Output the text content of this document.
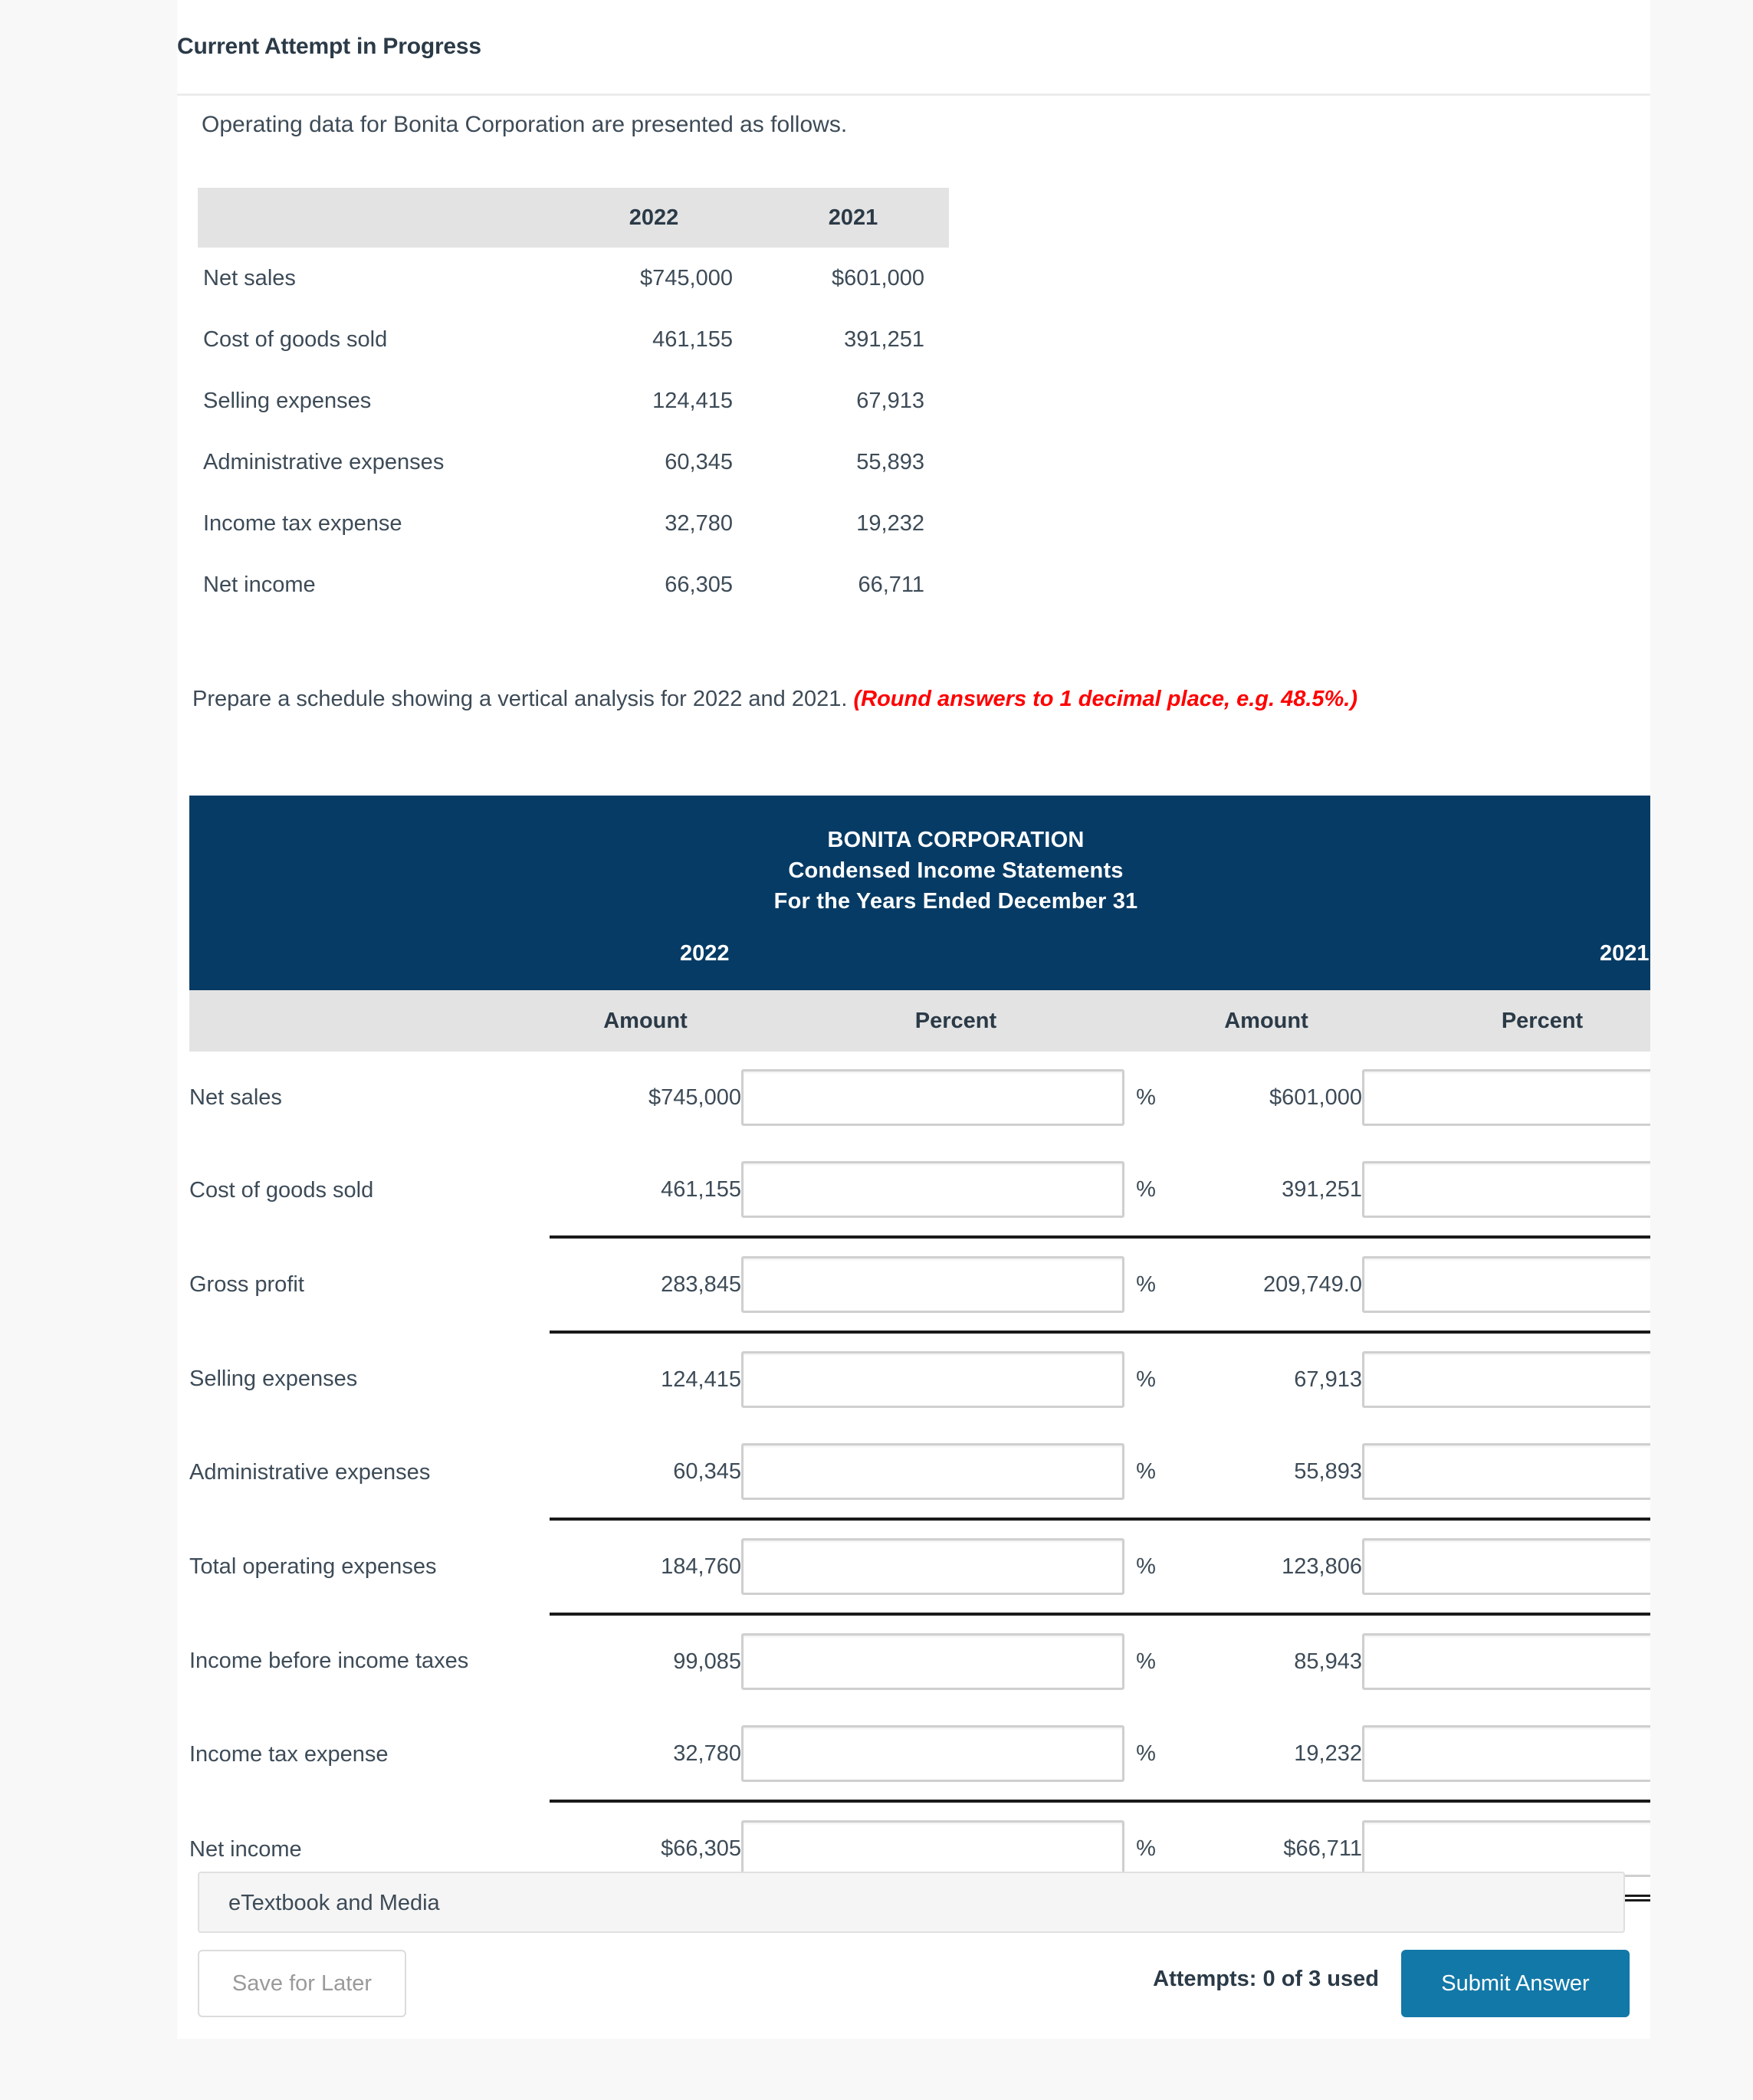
Current Attempt in Progress
Operating data for Bonita Corporation are presented as follows.
	2022	2021
Net sales	$745,000	$601,000
Cost of goods sold	461,155	391,251
Selling expenses	124,415	67,913
Administrative expenses	60,345	55,893
Income tax expense	32,780	19,232
Net income	66,305	66,711
Prepare a schedule showing a vertical analysis for 2022 and 2021. (Round answers to 1 decimal place, e.g. 48.5%.)
BONITA CORPORATION
Condensed Income Statements
For the Years Ended December 31
2022 2021				

	Amount	Percent	Amount	Percent
Net sales	$745,000	%	$601,000	

Cost of goods sold	461,155	%	391,251	

Gross profit	283,845	%	209,749.0	

Selling expenses	124,415	%	67,913	

Administrative expenses	60,345	%	55,893	

Total operating expenses	184,760	%	123,806	

Income before income taxes	99,085	%	85,943	

Income tax expense	32,780	%	19,232	

Net income	$66,305	%	$66,711	
eTextbook and Media
Save for Later	Attempts: 0 of 3 used	Submit Answer
